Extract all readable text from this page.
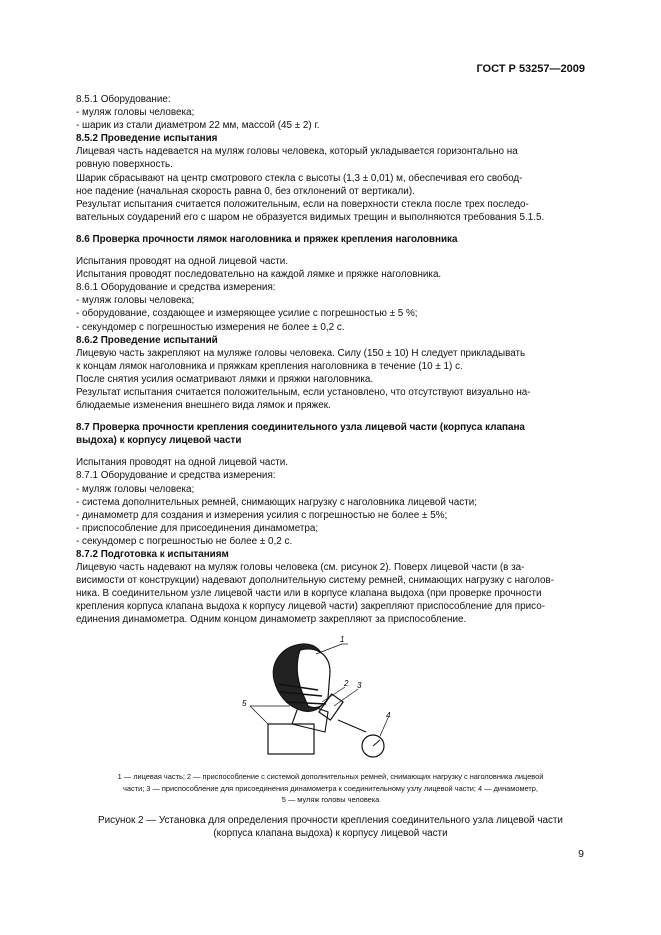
ГОСТ Р 53257—2009

8.5.1 Оборудование:

- муляж головы человека;

- шарик из стали диаметром 22 мм, массой (45 ± 2) г.

8.5.2 Проведение испытания

Лицевая часть надевается на муляж головы человека, который укладывается горизонтально на

ровную поверхность.

Шарик сбрасывают на центр смотрового стекла с высоты (1,3 ± 0,01) м, обеспечивая его свобод-

ное падение (начальная скорость равна 0, без отклонений от вертикали).

Результат испытания считается положительным, если на поверхности стекла после трех последо-

вательных соударений его с шаром не образуется видимых трещин и выполняются требования 5.1.5.

8.6 Проверка прочности лямок наголовника и пряжек крепления наголовника

Испытания проводят на одной лицевой части.

Испытания проводят последовательно на каждой лямке и пряжке наголовника.

8.6.1 Оборудование и средства измерения:

- муляж головы человека;

- оборудование, создающее и измеряющее усилие с погрешностью ± 5 %;

- секундомер с погрешностью измерения не более ± 0,2 с.

8.6.2 Проведение испытаний

Лицевую часть закрепляют на муляже головы человека. Силу (150 ± 10) Н следует прикладывать

к концам лямок наголовника и пряжкам крепления наголовника в течение (10 ± 1) с.

После снятия усилия осматривают лямки и пряжки наголовника.

Результат испытания считается положительным, если установлено, что отсутствуют визуально на-

блюдаемые изменения внешнего вида лямок и пряжек.

8.7 Проверка прочности крепления соединительного узла лицевой части (корпуса клапана

выдоха) к корпусу лицевой части

Испытания проводят на одной лицевой части.

8.7.1 Оборудование и средства измерения:

- муляж головы человека;

- система дополнительных ремней, снимающих нагрузку с наголовника лицевой части;

- динамометр для создания и измерения усилия с погрешностью не более ± 5%;

- приспособление для присоединения динамометра;

- секундомер с погрешностью не более ± 0,2 с.

8.7.2 Подготовка к испытаниям

Лицевую часть надевают на муляж головы человека (см. рисунок 2). Поверх лицевой части (в за-

висимости от конструкции) надевают дополнительную систему ремней, снимающих нагрузку с наголов-

ника. В соединительном узле лицевой части или в корпусе клапана выдоха (при проверке прочности

крепления корпуса клапана выдоха к корпусу лицевой части) закрепляют приспособление для присо-

единения динамометра. Одним концом динамометр закрепляют за приспособление.

1
2 3
4
5
1 — лицевая часть; 2 — приспособление с системой дополнительных ремней, снимающих нагрузку с наголовника лицевой
части; 3 — приспособление для присоединения динамометра к соединительному узлу лицевой части; 4 — динамометр,
5 — муляж головы человека
Рисунок 2 — Установка для определения прочности крепления соединительного узла лицевой части
(корпуса клапана выдоха) к корпусу лицевой части
9
